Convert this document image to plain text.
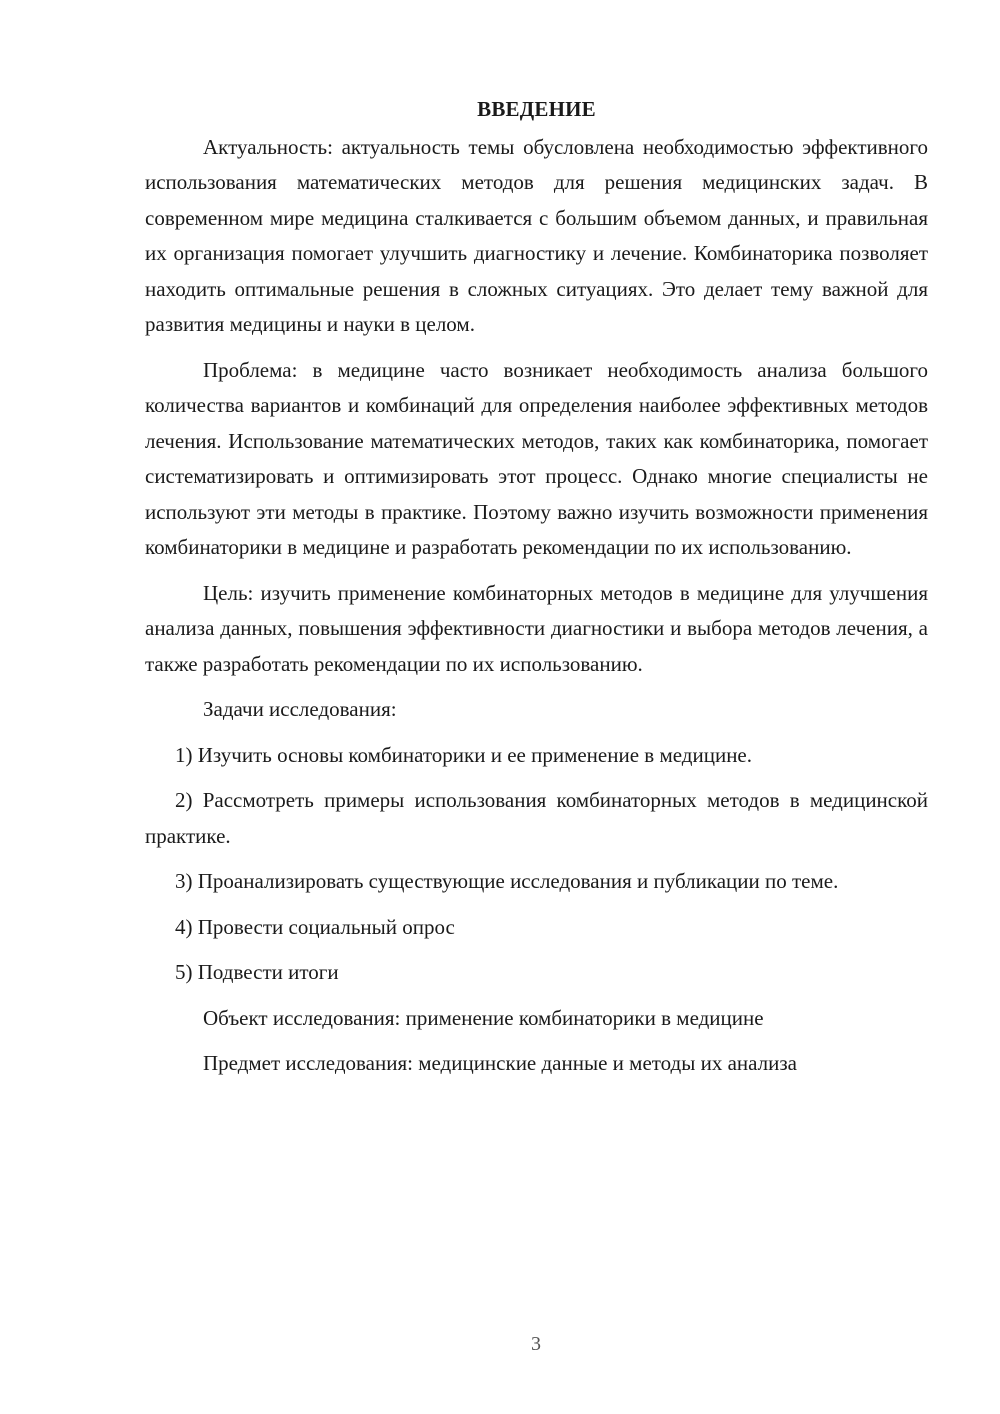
ВВЕДЕНИЕ

Актуальность: актуальность темы обусловлена необходимостью эффективного использования математических методов для решения медицинских задач. В современном мире медицина сталкивается с большим объемом данных, и правильная их организация помогает улучшить диагностику и лечение. Комбинаторика позволяет находить оптимальные решения в сложных ситуациях. Это делает тему важной для развития медицины и науки в целом.

Проблема: в медицине часто возникает необходимость анализа большого количества вариантов и комбинаций для определения наиболее эффективных методов лечения. Использование математических методов, таких как комбинаторика, помогает систематизировать и оптимизировать этот процесс. Однако многие специалисты не используют эти методы в практике. Поэтому важно изучить возможности применения комбинаторики в медицине и разработать рекомендации по их использованию.

Цель: изучить применение комбинаторных методов в медицине для улучшения анализа данных, повышения эффективности диагностики и выбора методов лечения, а также разработать рекомендации по их использованию.

Задачи исследования:

1) Изучить основы комбинаторики и ее применение в медицине.

2) Рассмотреть примеры использования комбинаторных методов в медицинской практике.

3) Проанализировать существующие исследования и публикации по теме.

4) Провести социальный опрос

5) Подвести итоги

Объект исследования: применение комбинаторики в медицине

Предмет исследования: медицинские данные и методы их анализа

3
